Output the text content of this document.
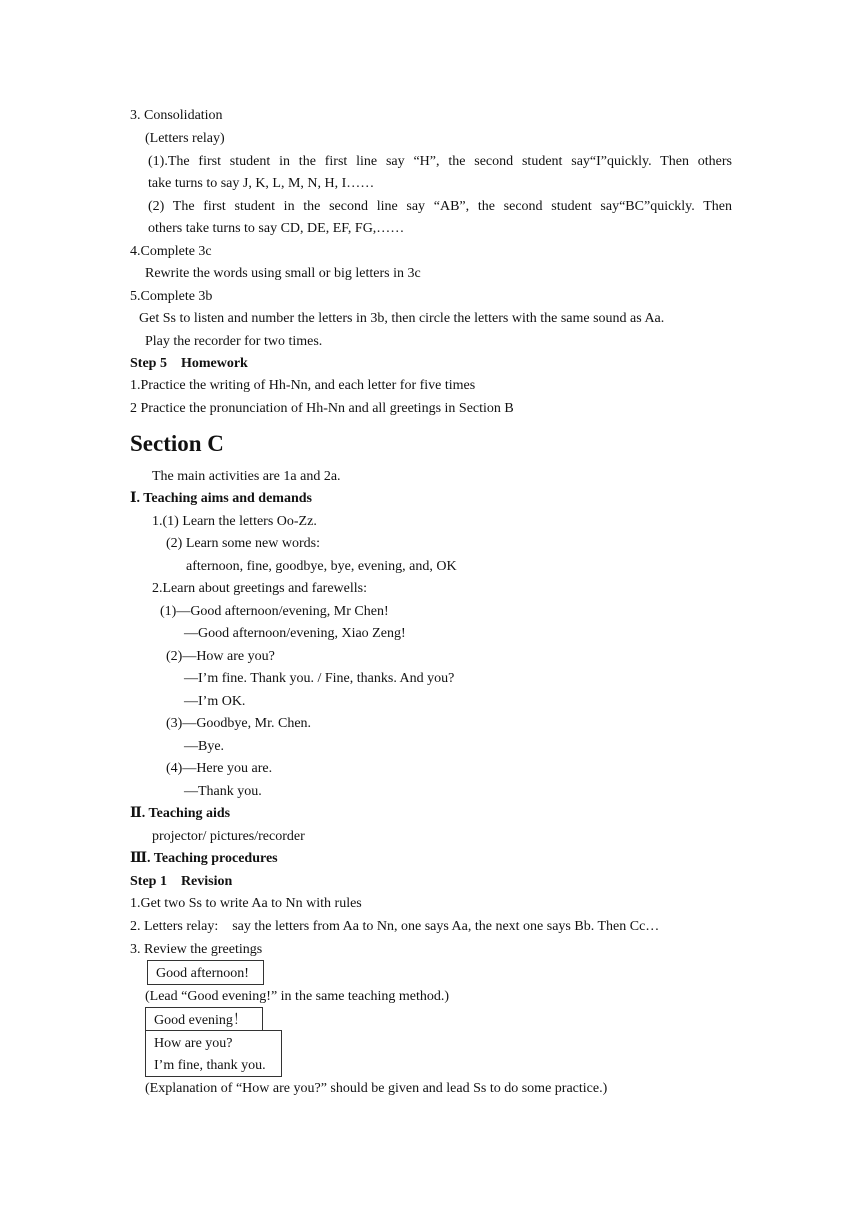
3. Consolidation
(Letters relay)
(1).The first student in the first line say “H”, the second student say“I”quickly. Then others
take turns to say J, K, L, M, N, H, I……
(2) The first student in the second line say “AB”, the second student say“BC”quickly. Then
others take turns to say CD, DE, EF, FG,……
4.Complete 3c
Rewrite the words using small or big letters in 3c
5.Complete 3b
Get Ss to listen and number the letters in 3b, then circle the letters with the same sound as Aa.
Play the recorder for two times.
Step 5　Homework
1.Practice the writing of Hh-Nn, and each letter for five times
2 Practice the pronunciation of Hh-Nn and all greetings in Section B
Section C
The main activities are 1a and 2a.
Ⅰ. Teaching aims and demands
1.(1) Learn the letters Oo-Zz.
(2) Learn some new words:
afternoon, fine, goodbye, bye, evening, and, OK
2.Learn about greetings and farewells:
(1)—Good afternoon/evening, Mr Chen!
—Good afternoon/evening, Xiao Zeng!
(2)—How are you?
—I’m fine. Thank you. / Fine, thanks. And you?
—I’m OK.
(3)—Goodbye, Mr. Chen.
—Bye.
(4)—Here you are.
—Thank you.
Ⅱ. Teaching aids
projector/ pictures/recorder
Ⅲ. Teaching procedures
Step 1　Revision
1.Get two Ss to write Aa to Nn with rules
2. Letters relay:　say the letters from Aa to Nn, one says Aa, the next one says Bb. Then Cc…
3. Review the greetings
Good afternoon!
(Lead “Good evening!” in the same teaching method.)
Good evening！
How are you?
I’m fine, thank you.
(Explanation of “How are you?” should be given and lead Ss to do some practice.)
